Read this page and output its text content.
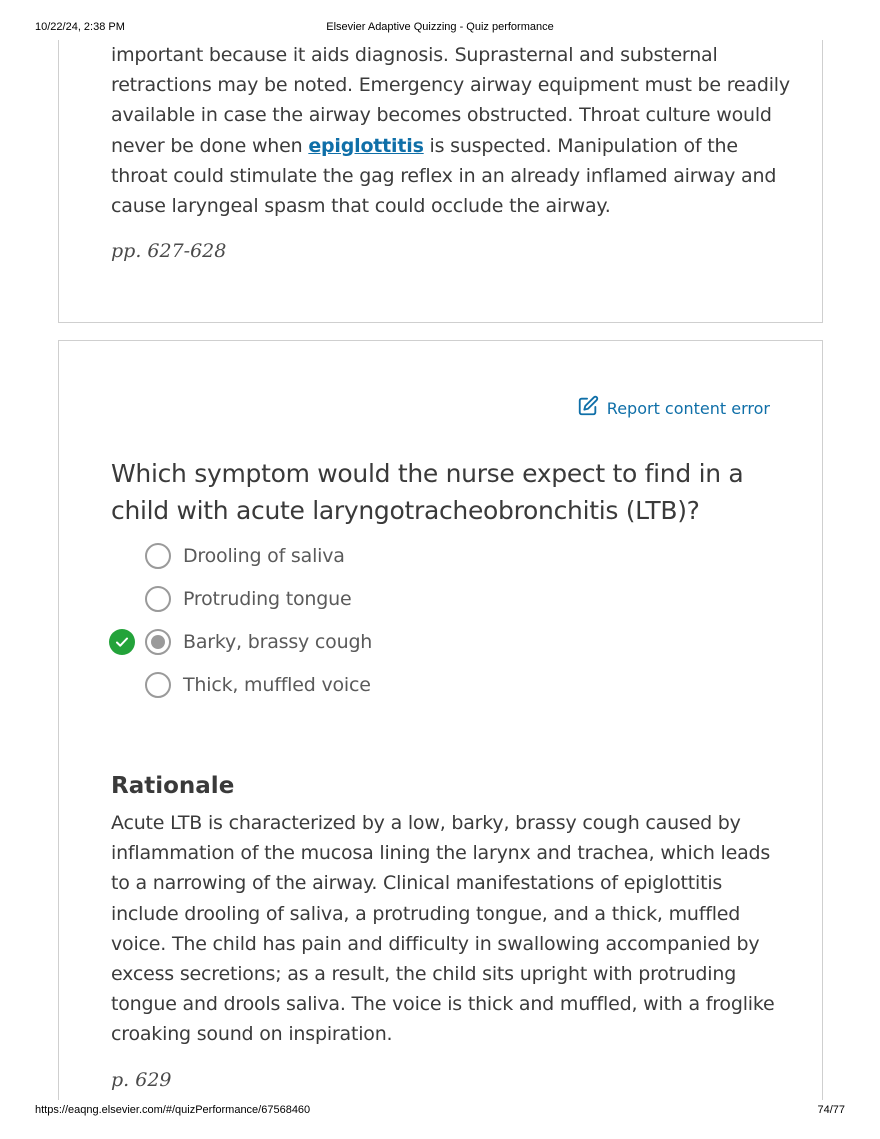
10/22/24, 2:38 PM	Elsevier Adaptive Quizzing - Quiz performance

important because it aids diagnosis. Suprasternal and substernal retractions may be noted. Emergency airway equipment must be readily available in case the airway becomes obstructed. Throat culture would never be done when epiglottitis is suspected. Manipulation of the throat could stimulate the gag reflex in an already inflamed airway and cause laryngeal spasm that could occlude the airway.

pp. 627-628
Report content error
Which symptom would the nurse expect to find in a child with acute laryngotracheobronchitis (LTB)?
Drooling of saliva
Protruding tongue
Barky, brassy cough
Thick, muffled voice
Rationale

Acute LTB is characterized by a low, barky, brassy cough caused by inflammation of the mucosa lining the larynx and trachea, which leads to a narrowing of the airway. Clinical manifestations of epiglottitis include drooling of saliva, a protruding tongue, and a thick, muffled voice. The child has pain and difficulty in swallowing accompanied by excess secretions; as a result, the child sits upright with protruding tongue and drools saliva. The voice is thick and muffled, with a froglike croaking sound on inspiration.

p. 629
https://eaqng.elsevier.com/#/quizPerformance/67568460	74/77
